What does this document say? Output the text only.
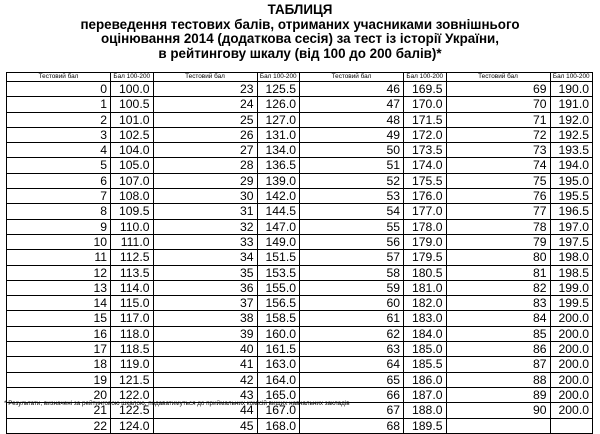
ТАБЛИЦЯ
переведення тестових балів, отриманих учасниками зовнішнього
оцінювання 2014 (додаткова сесія) за тест із історії України,
в рейтингову шкалу (від 100 до 200 балів)*
Тестовий бал	Бал 100-200	Тестовий бал	Бал 100-200	Тестовий бал	Бал 100-200	Тестовий бал	Бал 100-200
0	100.0	23	125.5	46	169.5	69	190.0
1	100.5	24	126.0	47	170.0	70	191.0
2	101.0	25	127.0	48	171.5	71	192.0
3	102.5	26	131.0	49	172.0	72	192.5
4	104.0	27	134.0	50	173.5	73	193.5
5	105.0	28	136.5	51	174.0	74	194.0
6	107.0	29	139.0	52	175.5	75	195.0
7	108.0	30	142.0	53	176.0	76	195.5
8	109.5	31	144.5	54	177.0	77	196.5
9	110.0	32	147.0	55	178.0	78	197.0
10	111.0	33	149.0	56	179.0	79	197.5
11	112.5	34	151.5	57	179.5	80	198.0
12	113.5	35	153.5	58	180.5	81	198.5
13	114.0	36	155.0	59	181.0	82	199.0
14	115.0	37	156.5	60	182.0	83	199.5
15	117.0	38	158.5	61	183.0	84	200.0
16	118.0	39	160.0	62	184.0	85	200.0
17	118.5	40	161.5	63	185.0	86	200.0
18	119.0	41	163.0	64	185.5	87	200.0
19	121.5	42	164.0	65	186.0	88	200.0
20	122.0	43	165.0	66	187.0	89	200.0
21	122.5	44	167.0	67	188.0	90	200.0
22	124.0	45	168.0	68	189.5		
* Результати, визначені за рейтинговою шкалою, подаватимуться до приймальних комісій вищих навчальних закладів
